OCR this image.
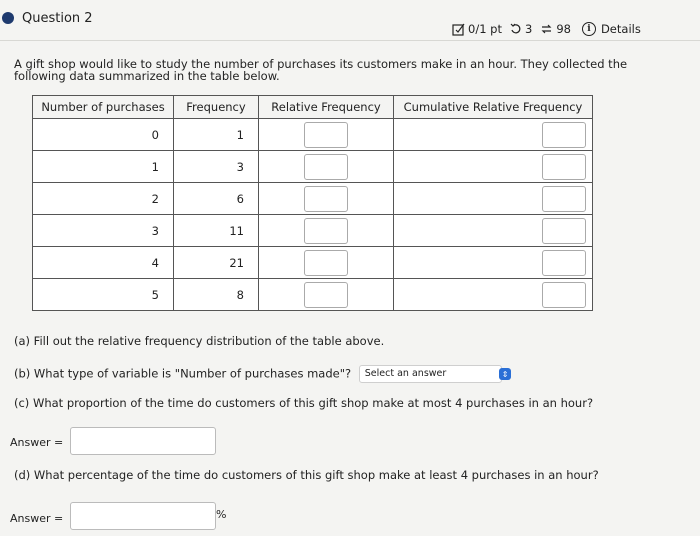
Question 2
0/1 pt 3 98	i Details
A gift shop would like to study the number of purchases its customers make in an hour. They collected the following data summarized in the table below.
Number of purchases	Frequency	Relative Frequency	Cumulative Relative Frequency
0	1		
1	3		
2	6		
3	11		
4	21		
5	8		
(a) Fill out the relative frequency distribution of the table above.
(b) What type of variable is "Number of purchases made"? Select an answer
⇕
(c) What proportion of the time do customers of this gift shop make at most 4 purchases in an hour?
Answer =
(d) What percentage of the time do customers of this gift shop make at least 4 purchases in an hour?
Answer =	%
